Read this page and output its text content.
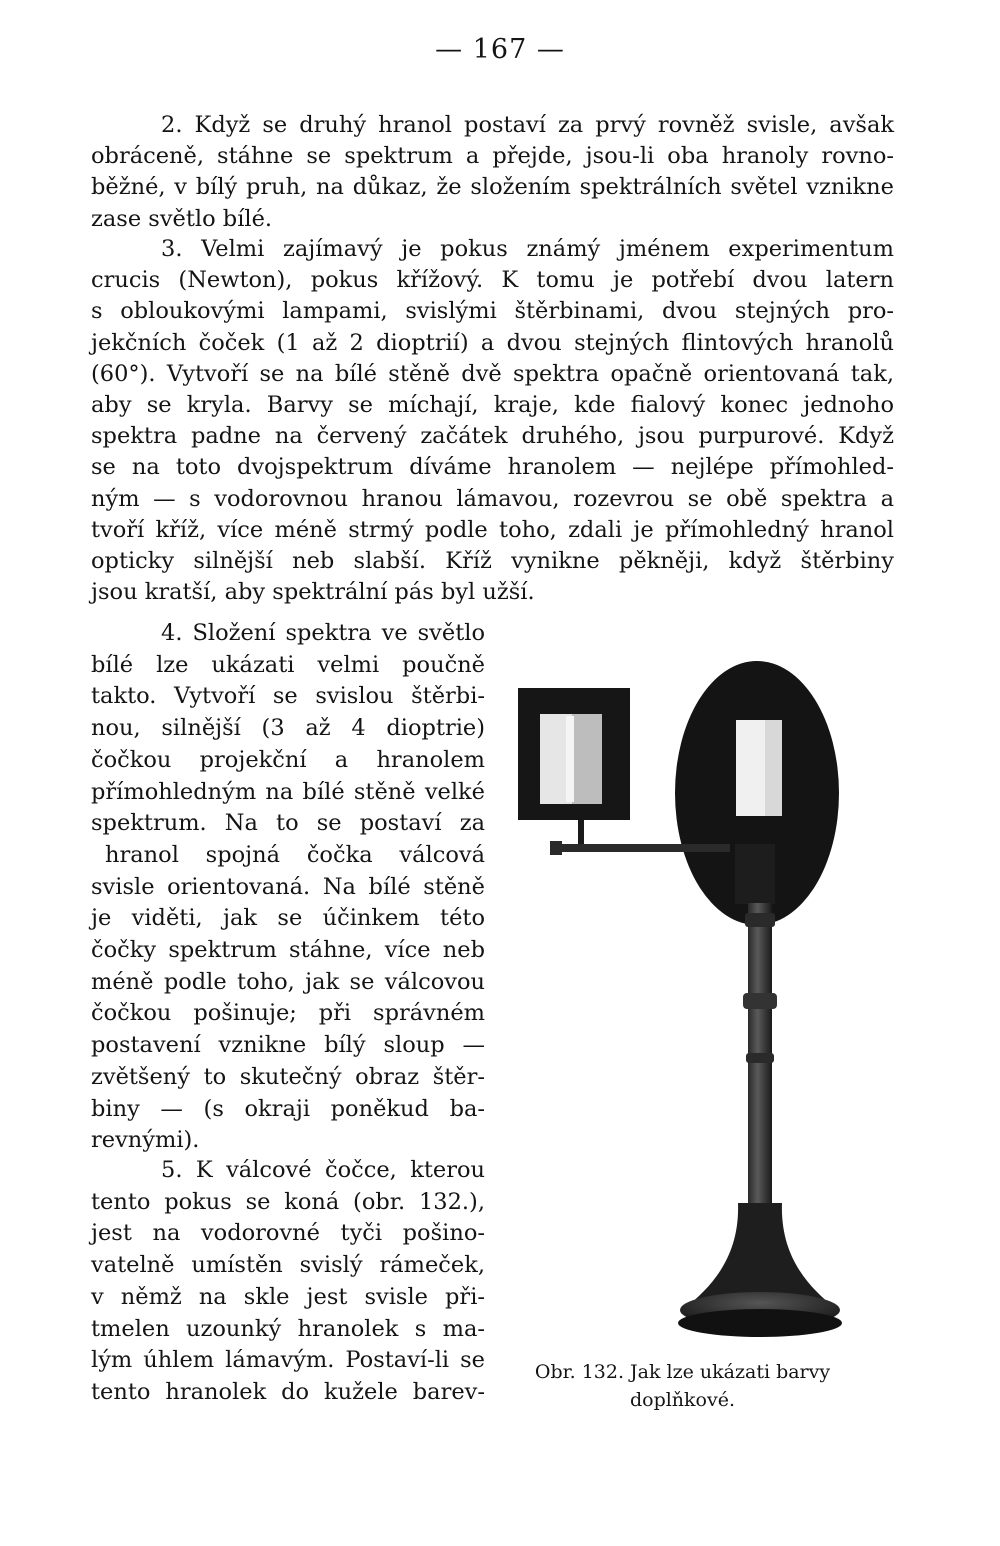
— 167 —
2. Když se druhý hranol postaví za prvý rovněž svisle, avšak
obráceně, stáhne se spektrum a přejde, jsou-li oba hranoly rovno-
běžné, v bílý pruh, na důkaz, že složením spektrálních světel vznikne
zase světlo bílé.
3. Velmi zajímavý je pokus známý jménem experimentum
crucis (Newton), pokus křížový. K tomu je potřebí dvou latern
s obloukovými lampami, svislými štěrbinami, dvou stejných pro-
jekčních čoček (1 až 2 dioptrií) a dvou stejných flintových hranolů
(60°). Vytvoří se na bílé stěně dvě spektra opačně orientovaná tak,
aby se kryla. Barvy se míchají, kraje, kde fialový konec jednoho
spektra padne na červený začátek druhého, jsou purpurové. Když
se na toto dvojspektrum díváme hranolem — nejlépe přímohled-
ným — s vodorovnou hranou lámavou, rozevrou se obě spektra a
tvoří kříž, více méně strmý podle toho, zdali je přímohledný hranol
opticky silnější neb slabší. Kříž vynikne pěkněji, když štěrbiny
jsou kratší, aby spektrální pás byl užší.
4. Složení spektra ve světlo
bílé lze ukázati velmi poučně
takto. Vytvoří se svislou štěrbi-
nou, silnější (3 až 4 dioptrie)
čočkou projekční a hranolem
přímohledným na bílé stěně velké
spektrum. Na to se postaví za
hranol spojná čočka válcová
svisle orientovaná. Na bílé stěně
je viděti, jak se účinkem této
čočky spektrum stáhne, více neb
méně podle toho, jak se válcovou
čočkou pošinuje; při správném
postavení vznikne bílý sloup —
zvětšený to skutečný obraz štěr-
biny — (s okraji poněkud ba-
revnými).
5. K válcové čočce, kterou
tento pokus se koná (obr. 132.),
jest na vodorovné tyči pošino-
vatelně umístěn svislý rámeček,
v němž na skle jest svisle při-
tmelen uzounký hranolek s ma-
lým úhlem lámavým. Postaví-li se
tento hranolek do kužele barev-
Obr. 132. Jak lze ukázati barvy
doplňkové.
